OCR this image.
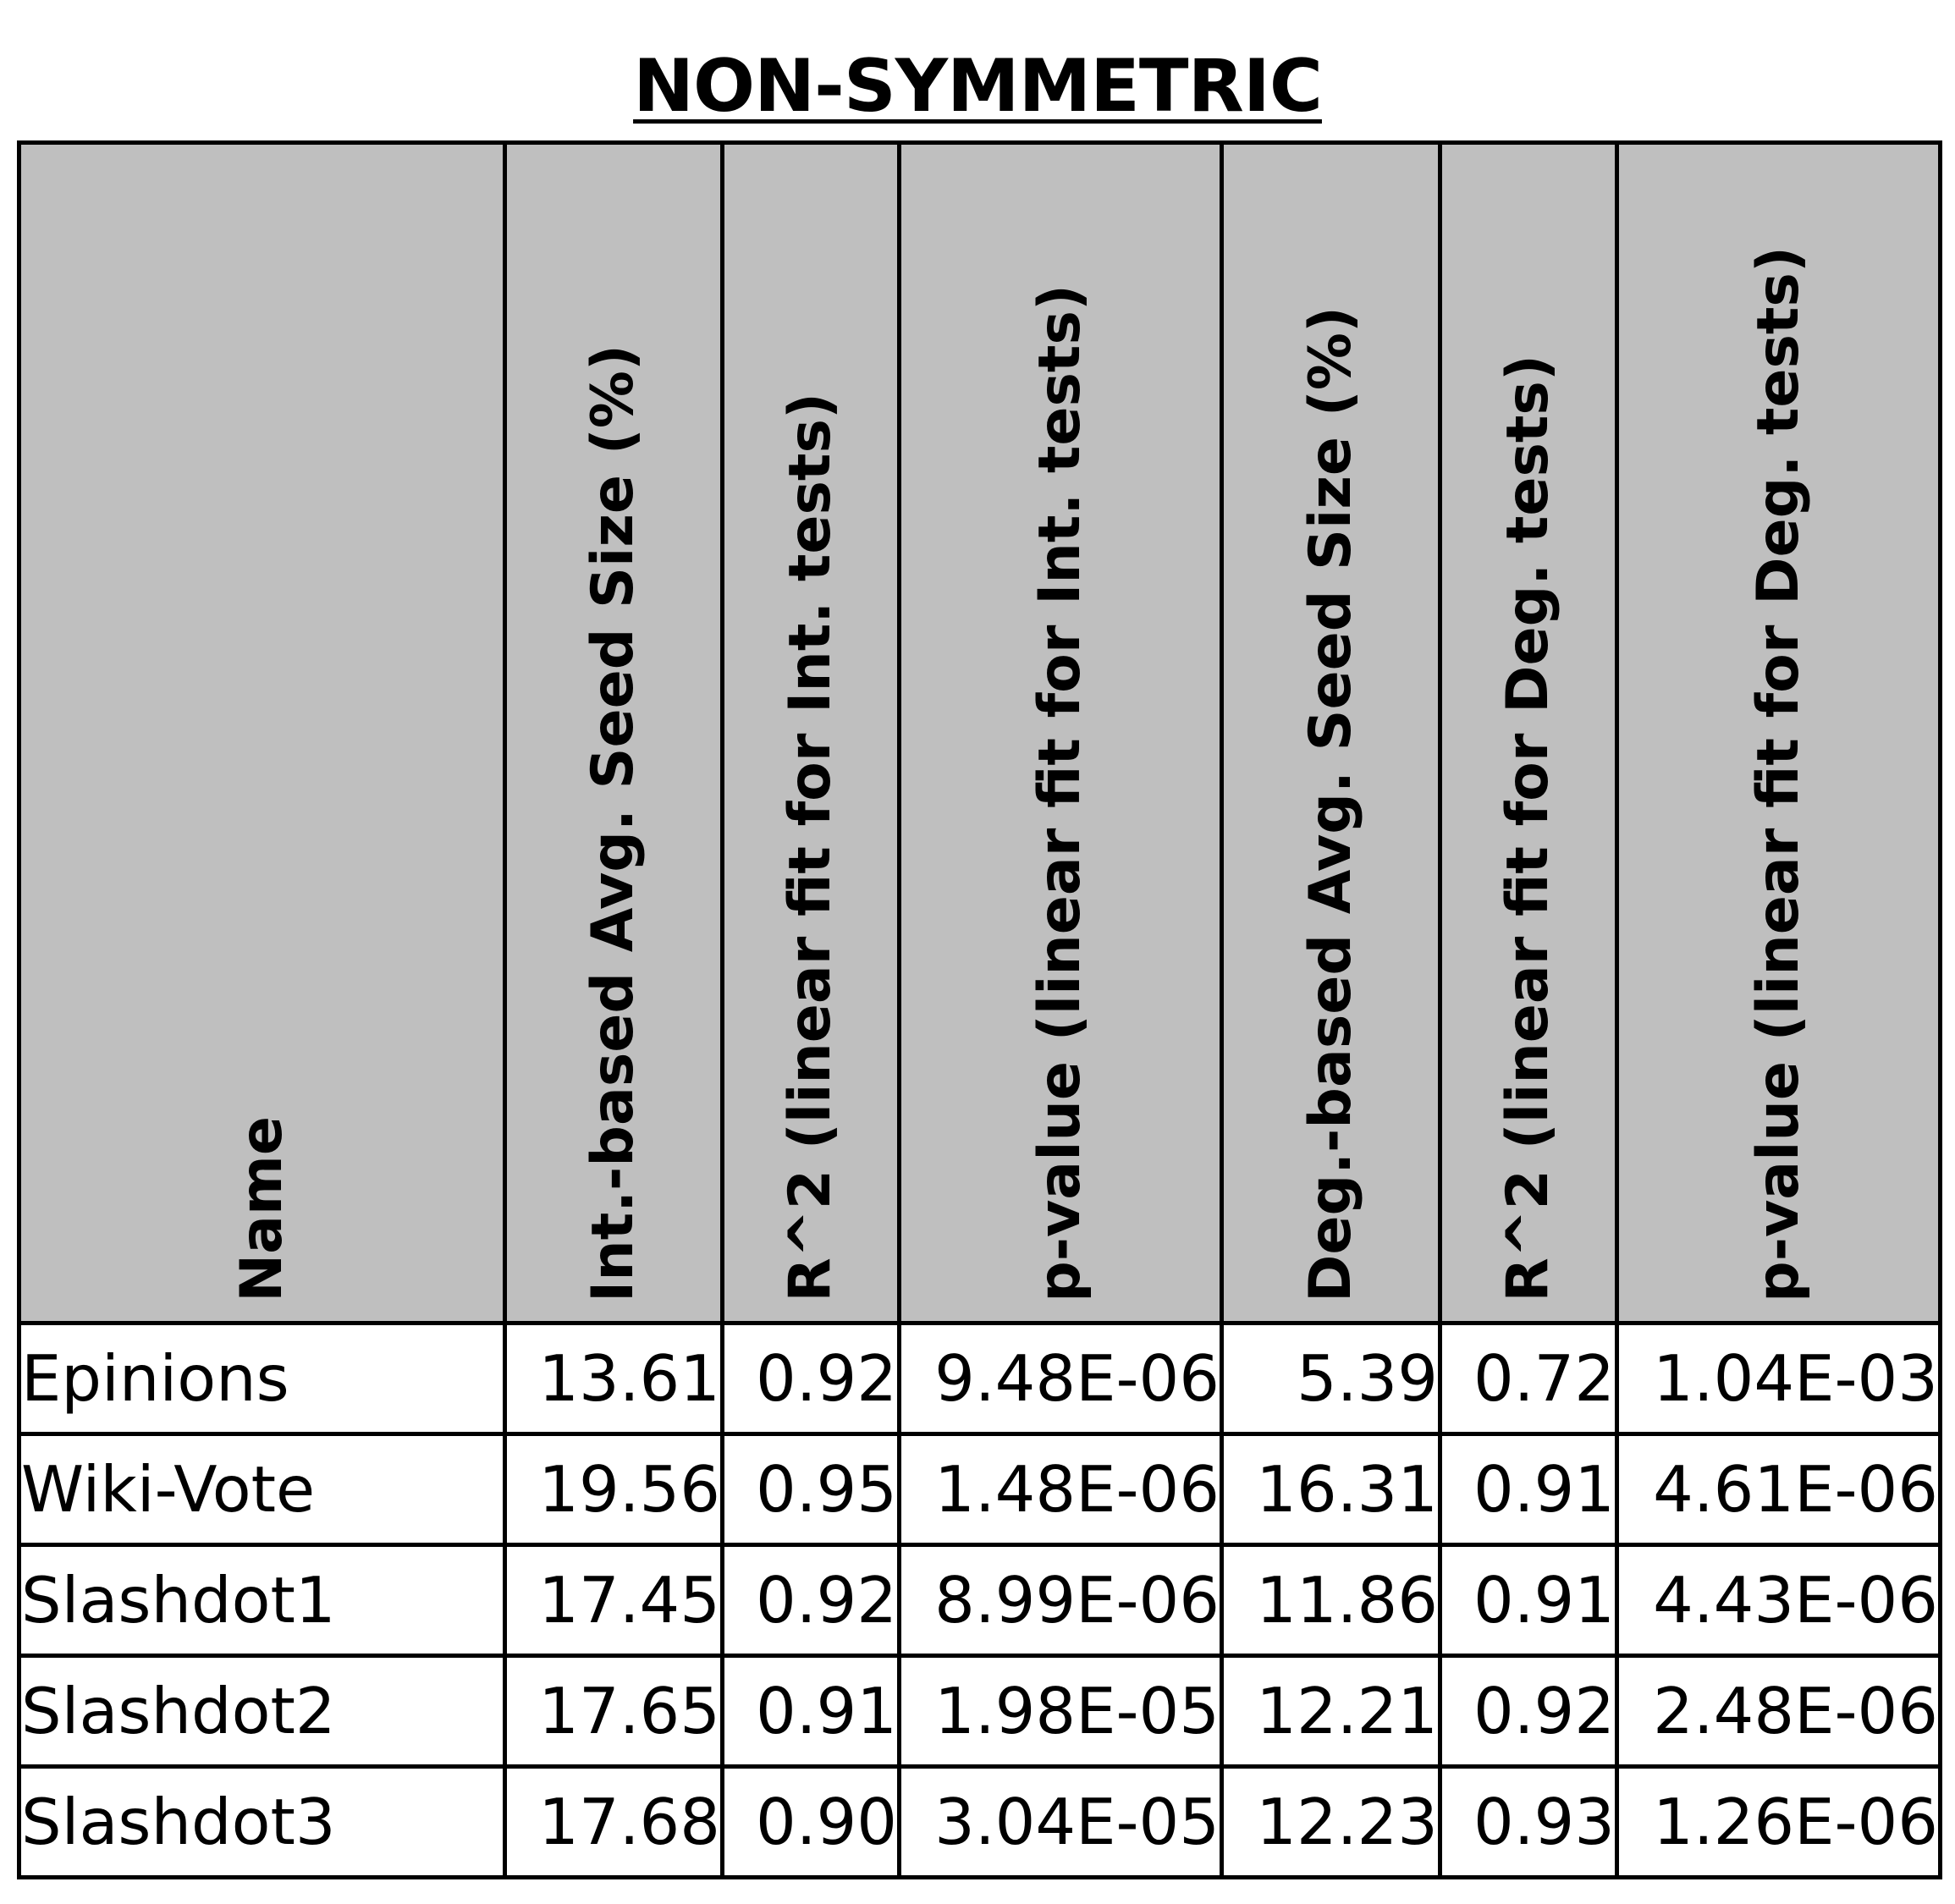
NON-SYMMETRIC
Name	Int.-based Avg. Seed Size (%)	R^2 (linear fit for Int. tests)	p-value (linear fit for Int. tests)	Deg.-based Avg. Seed Size (%)	R^2 (linear fit for Deg. tests)	p-value (linear fit for Deg. tests)

Epinions	13.61	0.92	9.48E-06	5.39	0.72	1.04E-03
Wiki-Vote	19.56	0.95	1.48E-06	16.31	0.91	4.61E-06
Slashdot1	17.45	0.92	8.99E-06	11.86	0.91	4.43E-06
Slashdot2	17.65	0.91	1.98E-05	12.21	0.92	2.48E-06
Slashdot3	17.68	0.90	3.04E-05	12.23	0.93	1.26E-06
